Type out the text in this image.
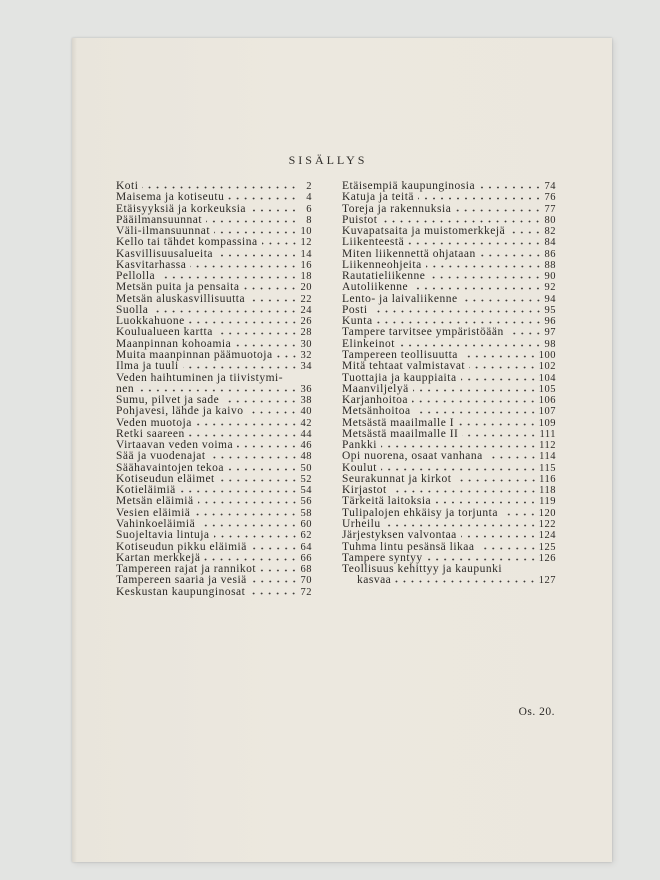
SISÄLLYS
Koti	2
Maisema ja kotiseutu	4
Etäisyyksiä ja korkeuksia	6
Pääilmansuunnat	8
Väli-ilmansuunnat	10
Kello tai tähdet kompassina	12
Kasvillisuusalueita	14
Kasvitarhassa	16
Pellolla	18
Metsän puita ja pensaita	20
Metsän aluskasvillisuutta	22
Suolla	24
Luokkahuone	26
Koulualueen kartta	28
Maanpinnan kohoamia	30
Muita maanpinnan päämuotoja	32
Ilma ja tuuli	34
Veden haihtuminen ja tiivistymi-
nen	36
Sumu, pilvet ja sade	38
Pohjavesi, lähde ja kaivo	40
Veden muotoja	42
Retki saareen	44
Virtaavan veden voima	46
Sää ja vuodenajat	48
Säähavaintojen tekoa	50
Kotiseudun eläimet	52
Kotieläimiä	54
Metsän eläimiä	56
Vesien eläimiä	58
Vahinkoeläimiä	60
Suojeltavia lintuja	62
Kotiseudun pikku eläimiä	64
Kartan merkkejä	66
Tampereen rajat ja rannikot	68
Tampereen saaria ja vesiä	70
Keskustan kaupunginosat	72
Etäisempiä kaupunginosia	74
Katuja ja teitä	76
Toreja ja rakennuksia	77
Puistot	80
Kuvapatsaita ja muistomerkkejä	82
Liikenteestä	84
Miten liikennettä ohjataan	86
Liikenneohjeita	88
Rautatieliikenne	90
Autoliikenne	92
Lento- ja laivaliikenne	94
Posti	95
Kunta	96
Tampere tarvitsee ympäristöään	97
Elinkeinot	98
Tampereen teollisuutta	100
Mitä tehtaat valmistavat	102
Tuottajia ja kauppiaita	104
Maanviljelyä	105
Karjanhoitoa	106
Metsänhoitoa	107
Metsästä maailmalle I	109
Metsästä maailmalle II	111
Pankki	112
Opi nuorena, osaat vanhana	114
Koulut	115
Seurakunnat ja kirkot	116
Kirjastot	118
Tärkeitä laitoksia	119
Tulipalojen ehkäisy ja torjunta	120
Urheilu	122
Järjestyksen valvontaa	124
Tuhma lintu pesänsä likaa	125
Tampere syntyy	126
Teollisuus kehittyy ja kaupunki
kasvaa	127
Os. 20.
